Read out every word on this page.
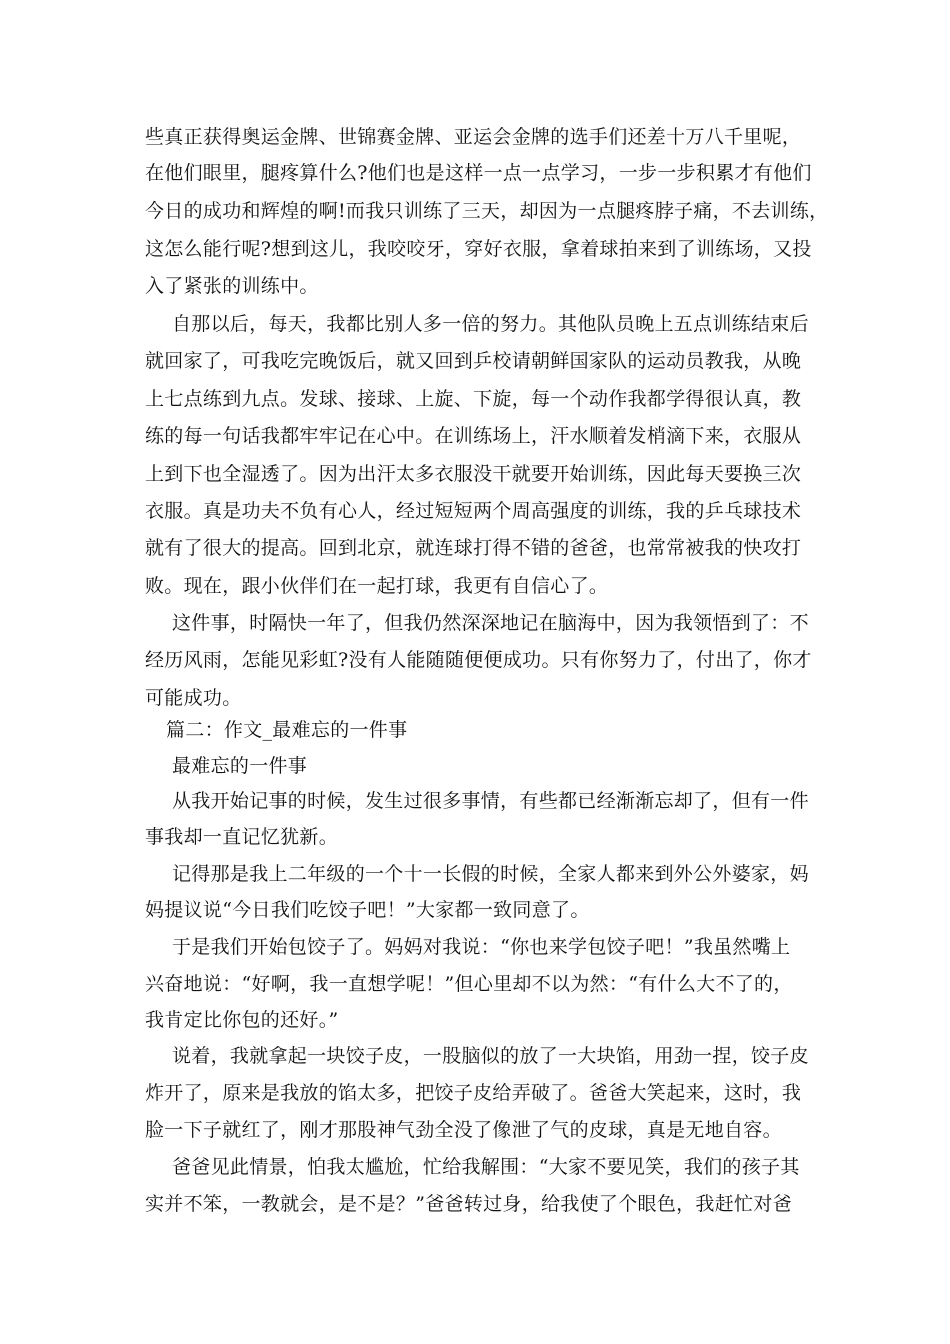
些真正获得奥运金牌、世锦赛金牌、亚运会金牌的选手们还差十万八千里呢，
在他们眼里，腿疼算什么?他们也是这样一点一点学习，一步一步积累才有他们
今日的成功和辉煌的啊!而我只训练了三天，却因为一点腿疼脖子痛，不去训练，
这怎么能行呢?想到这儿，我咬咬牙，穿好衣服，拿着球拍来到了训练场，又投
入了紧张的训练中。
自那以后，每天，我都比别人多一倍的努力。其他队员晚上五点训练结束后
就回家了，可我吃完晚饭后，就又回到乒校请朝鲜国家队的运动员教我，从晚
上七点练到九点。发球、接球、上旋、下旋，每一个动作我都学得很认真，教
练的每一句话我都牢牢记在心中。在训练场上，汗水顺着发梢滴下来，衣服从
上到下也全湿透了。因为出汗太多衣服没干就要开始训练，因此每天要换三次
衣服。真是功夫不负有心人，经过短短两个周高强度的训练，我的乒乓球技术
就有了很大的提高。回到北京，就连球打得不错的爸爸，也常常被我的快攻打
败。现在，跟小伙伴们在一起打球，我更有自信心了。
这件事，时隔快一年了，但我仍然深深地记在脑海中，因为我领悟到了：不
经历风雨，怎能见彩虹?没有人能随随便便成功。只有你努力了，付出了，你才
可能成功。
篇二：作文_最难忘的一件事
最难忘的一件事
从我开始记事的时候，发生过很多事情，有些都已经渐渐忘却了，但有一件
事我却一直记忆犹新。
记得那是我上二年级的一个十一长假的时候，全家人都来到外公外婆家，妈
妈提议说“今日我们吃饺子吧！”大家都一致同意了。
于是我们开始包饺子了。妈妈对我说：“你也来学包饺子吧！”我虽然嘴上
兴奋地说：“好啊，我一直想学呢！”但心里却不以为然：“有什么大不了的，
我肯定比你包的还好。”
说着，我就拿起一块饺子皮，一股脑似的放了一大块馅，用劲一捏，饺子皮
炸开了，原来是我放的馅太多，把饺子皮给弄破了。爸爸大笑起来，这时，我
脸一下子就红了，刚才那股神气劲全没了像泄了气的皮球，真是无地自容。
爸爸见此情景，怕我太尴尬，忙给我解围：“大家不要见笑，我们的孩子其
实并不笨，一教就会，是不是？”爸爸转过身，给我使了个眼色，我赶忙对爸
